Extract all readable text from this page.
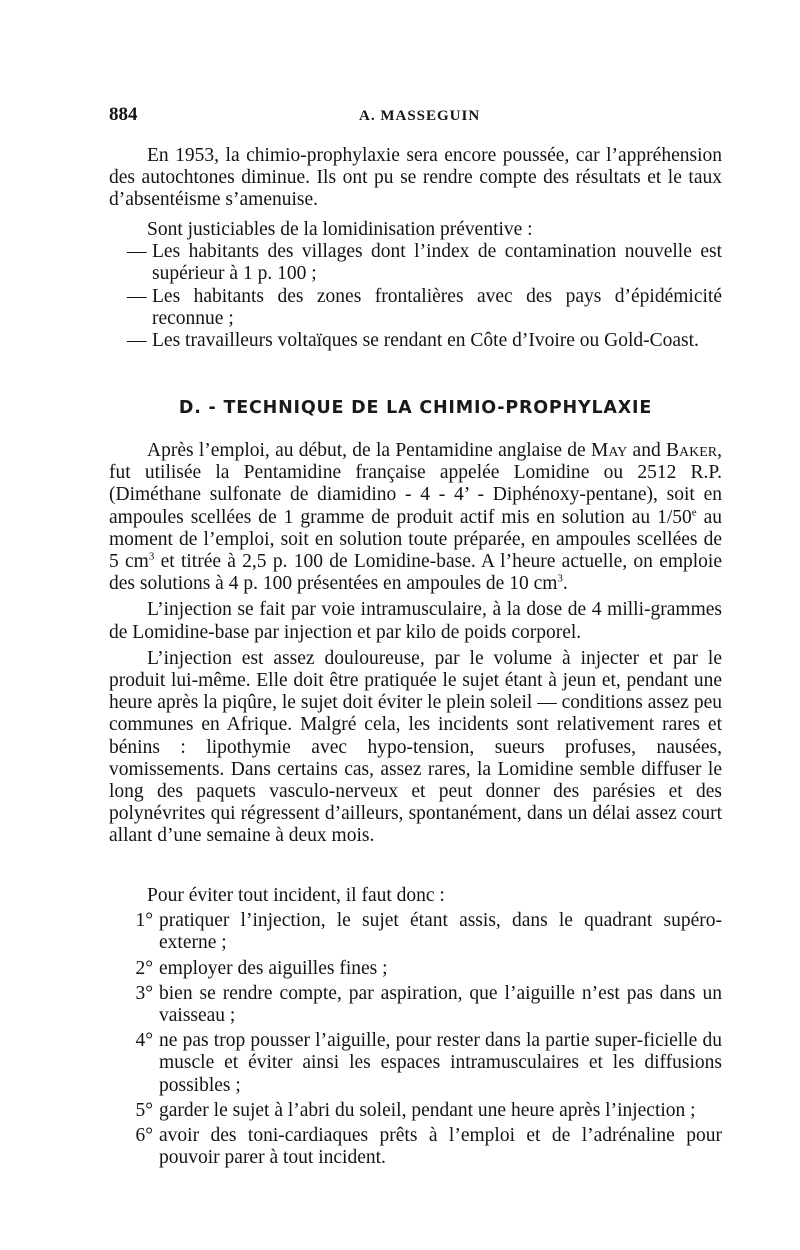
884	A. MASSEGUIN

En 1953, la chimio-prophylaxie sera encore poussée, car l’appréhension des autochtones diminue. Ils ont pu se rendre compte des résultats et le taux d’absentéisme s’amenuise.

Sont justiciables de la lomidinisation préventive :

— Les habitants des villages dont l’index de contamination nouvelle est supérieur à 1 p. 100 ;
— Les habitants des zones frontalières avec des pays d’épidémicité reconnue ;
— Les travailleurs voltaïques se rendant en Côte d’Ivoire ou Gold-Coast.
D. - TECHNIQUE DE LA CHIMIO-PROPHYLAXIE

Après l’emploi, au début, de la Pentamidine anglaise de May and Baker, fut utilisée la Pentamidine française appelée Lomidine ou 2512 R.P. (Diméthane sulfonate de diamidino - 4 - 4’ - Diphénoxy-pentane), soit en ampoules scellées de 1 gramme de produit actif mis en solution au 1/50e au moment de l’emploi, soit en solution toute préparée, en ampoules scellées de 5 $cm^3$ et titrée à 2,5 p. 100 de Lomidine-base. A l’heure actuelle, on emploie des solutions à 4 p. 100 présentées en ampoules de 10 $cm^3$.

L’injection se fait par voie intramusculaire, à la dose de 4 milli-grammes de Lomidine-base par injection et par kilo de poids corporel.

L’injection est assez douloureuse, par le volume à injecter et par le produit lui-même. Elle doit être pratiquée le sujet étant à jeun et, pendant une heure après la piqûre, le sujet doit éviter le plein soleil — conditions assez peu communes en Afrique. Malgré cela, les incidents sont relativement rares et bénins : lipothymie avec hypo-tension, sueurs profuses, nausées, vomissements. Dans certains cas, assez rares, la Lomidine semble diffuser le long des paquets vasculo-nerveux et peut donner des parésies et des polynévrites qui régressent d’ailleurs, spontanément, dans un délai assez court allant d’une semaine à deux mois.

Pour éviter tout incident, il faut donc :

1° pratiquer l’injection, le sujet étant assis, dans le quadrant supéro-externe ;
2° employer des aiguilles fines ;
3° bien se rendre compte, par aspiration, que l’aiguille n’est pas dans un vaisseau ;
4° ne pas trop pousser l’aiguille, pour rester dans la partie super-ficielle du muscle et éviter ainsi les espaces intramusculaires et les diffusions possibles ;
5° garder le sujet à l’abri du soleil, pendant une heure après l’injection ;
6° avoir des toni-cardiaques prêts à l’emploi et de l’adrénaline pour pouvoir parer à tout incident.
